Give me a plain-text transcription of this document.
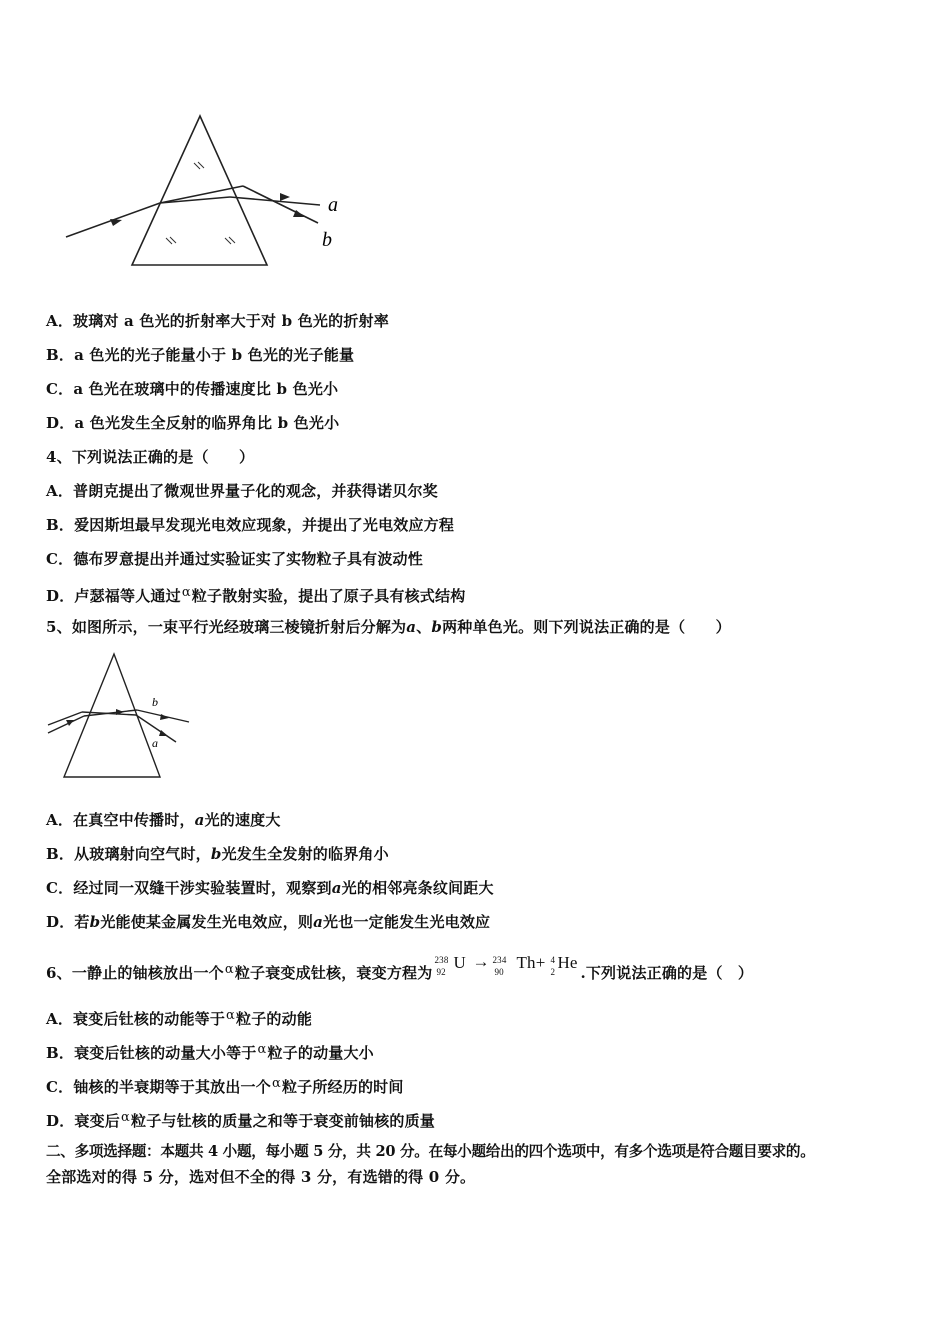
a
b
A．玻璃对 a 色光的折射率大于对 b 色光的折射率
B．a 色光的光子能量小于 b 色光的光子能量
C．a 色光在玻璃中的传播速度比 b 色光小
D．a 色光发生全反射的临界角比 b 色光小
4、下列说法正确的是（　　）
A．普朗克提出了微观世界量子化的观念，并获得诺贝尔奖
B．爱因斯坦最早发现光电效应现象，并提出了光电效应方程
C．德布罗意提出并通过实验证实了实物粒子具有波动性
D．卢瑟福等人通过α粒子散射实验，提出了原子具有核式结构
5、如图所示，一束平行光经玻璃三棱镜折射后分解为a、b两种单色光。则下列说法正确的是（　　）
b
a
A．在真空中传播时，a光的速度大
B．从玻璃射向空气时，b光发生全发射的临界角小
C．经过同一双缝干涉实验装置时，观察到a光的相邻亮条纹间距大
D．若b光能使某金属发生光电效应，则a光也一定能发生光电效应
6、一静止的铀核放出一个α粒子衰变成钍核，衰变方程为
238
92 U → 234
90 Th+ 4
2 He
.下列说法正确的是（　）
A．衰变后钍核的动能等于α粒子的动能
B．衰变后钍核的动量大小等于α粒子的动量大小
C．铀核的半衰期等于其放出一个α粒子所经历的时间
D．衰变后α粒子与钍核的质量之和等于衰变前铀核的质量
二、多项选择题：本题共 4 小题，每小题 5 分，共 20 分。在每小题给出的四个选项中，有多个选项是符合题目要求的。
全部选对的得 5 分，选对但不全的得 3 分，有选错的得 0 分。
